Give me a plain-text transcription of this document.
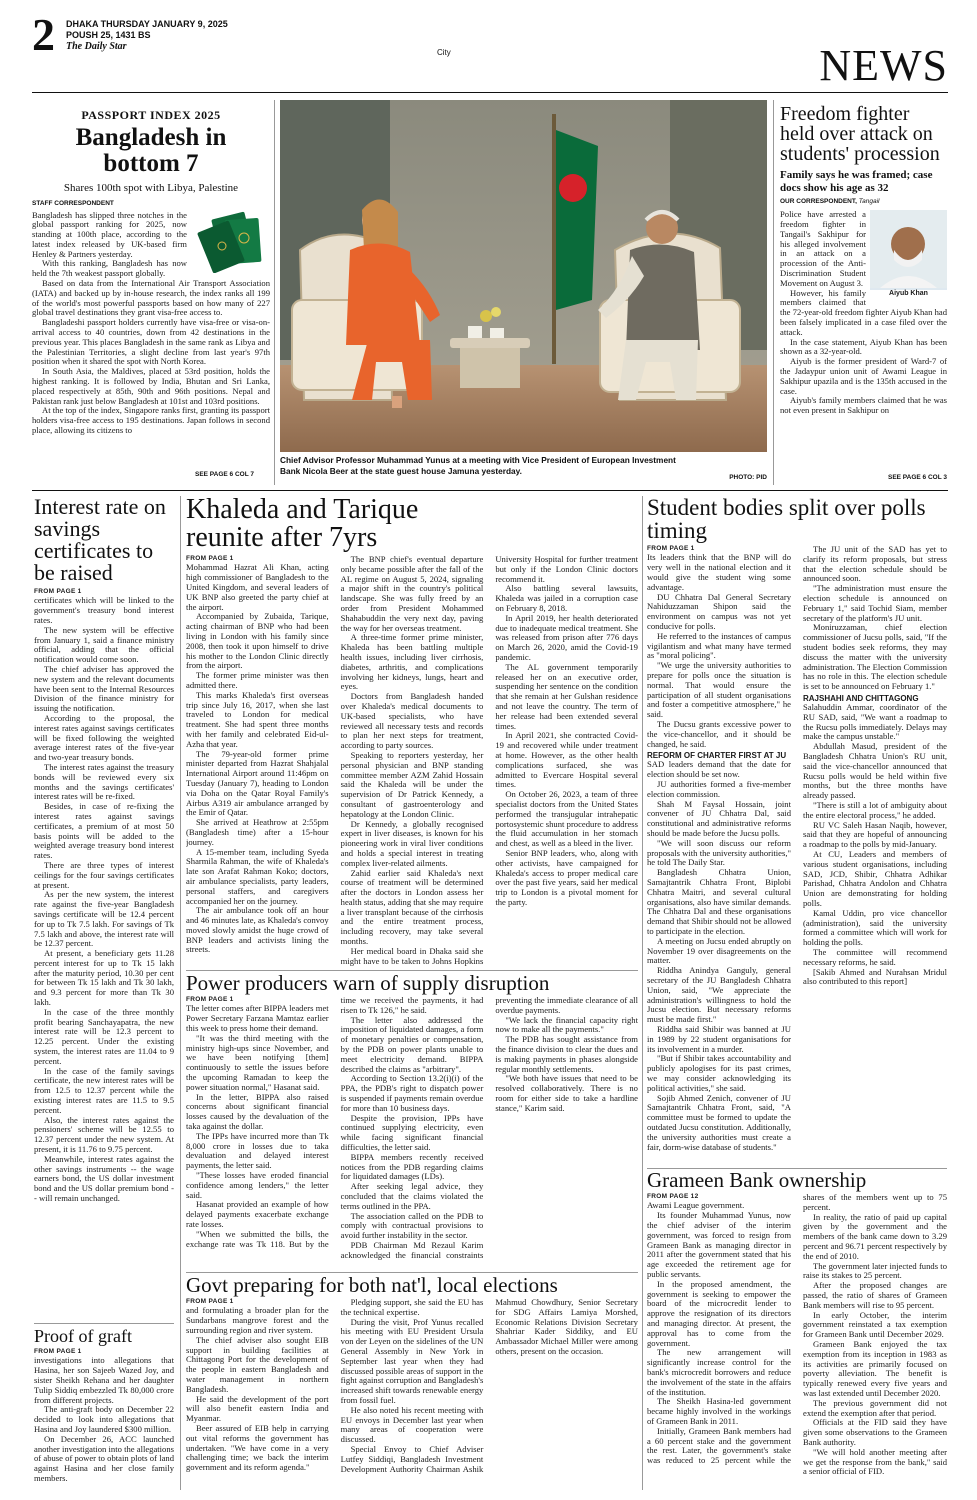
2 DHAKA THURSDAY JANUARY 9, 2025
POUSH 25, 1431 BS
The Daily Star
City	NEWS
PASSPORT INDEX 2025
Bangladesh in bottom 7
Shares 100th spot with Libya, Palestine
STAFF CORRESPONDENT

Bangladesh has slipped three notches in the global passport ranking for 2025, now standing at 100th place, according to the latest index released by UK-based firm Henley & Partners yesterday.

With this ranking, Bangladesh has now held the 7th weakest passport globally.

Based on data from the International Air Transport Association (IATA) and backed up by in-house research, the index ranks all 199 of the world's most powerful passports based on how many of 227 global travel destinations they grant visa-free access to.

Bangladeshi passport holders currently have visa-free or visa-on-arrival access to 40 countries, down from 42 destinations in the previous year. This places Bangladesh in the same rank as Libya and the Palestinian Territories, a slight decline from last year's 97th position when it shared the spot with North Korea.

In South Asia, the Maldives, placed at 53rd position, holds the highest ranking. It is followed by India, Bhutan and Sri Lanka, placed respectively at 85th, 90th and 96th positions. Nepal and Pakistan rank just below Bangladesh at 101st and 103rd positions.

At the top of the index, Singapore ranks first, granting its passport holders visa-free access to 195 destinations. Japan follows in second place, allowing its citizens to

SEE PAGE 6 COL 7
Chief Advisor Professor Muhammad Yunus at a meeting with Vice President of European Investment Bank Nicola Beer at the state guest house Jamuna yesterday.
PHOTO: PID
Freedom fighter held over attack on students' procession
Family says he was framed; case docs show his age as 32
OUR CORRESPONDENT, Tangail
Aiyub Khan

Police have arrested a freedom fighter in Tangail's Sakhipur for his alleged involvement in an attack on a procession of the Anti-Discrimination Student Movement on August 3.

However, his family members claimed that the 72-year-old freedom fighter Aiyub Khan had been falsely implicated in a case filed over the attack.

In the case statement, Aiyub Khan has been shown as a 32-year-old.

Aiyub is the former president of Ward-7 of the Jadaypur union unit of Awami League in Sakhipur upazila and is the 135th accused in the case.

Aiyub's family members claimed that he was not even present in Sakhipur on

SEE PAGE 6 COL 3
Interest rate on savings certificates to be raised
FROM PAGE 1

certificates which will be linked to the government's treasury bond interest rates.

The new system will be effective from January 1, said a finance ministry official, adding that the official notification would come soon.

The chief adviser has approved the new system and the relevant documents have been sent to the Internal Resources Division of the finance ministry for issuing the notification.

According to the proposal, the interest rates against savings certificates will be fixed following the weighted average interest rates of the five-year and two-year treasury bonds.

The interest rates against the treasury bonds will be reviewed every six months and the savings certificates' interest rates will be re-fixed.

Besides, in case of re-fixing the interest rates against savings certificates, a premium of at most 50 basis points will be added to the weighted average treasury bond interest rates.

There are three types of interest ceilings for the four savings certificates at present.

As per the new system, the interest rate against the five-year Bangladesh savings certificate will be 12.4 percent for up to Tk 7.5 lakh. For savings of Tk 7.5 lakh and above, the interest rate will be 12.37 percent.

At present, a beneficiary gets 11.28 percent interest for up to Tk 15 lakh after the maturity period, 10.30 per cent for between Tk 15 lakh and Tk 30 lakh, and 9.3 percent for more than Tk 30 lakh.

In the case of the three monthly profit bearing Sanchayapatra, the new interest rate will be 12.3 percent to 12.25 percent. Under the existing system, the interest rates are 11.04 to 9 percent.

In the case of the family savings certificate, the new interest rates will be from 12.5 to 12.37 percent while the existing interest rates are 11.5 to 9.5 percent.

Also, the interest rates against the pensioners' scheme will be 12.55 to 12.37 percent under the new system. At present, it is 11.76 to 9.75 percent.

Meanwhile, interest rates against the other savings instruments -- the wage earners bond, the US dollar investment bond and the US dollar premium bond -- will remain unchanged.

Proof of graft
FROM PAGE 1

investigations into allegations that Hasina, her son Sajeeb Wazed Joy, and sister Sheikh Rehana and her daughter Tulip Siddiq embezzled Tk 80,000 crore from different projects.

The anti-graft body on December 22 decided to look into allegations that Hasina and Joy laundered $300 million.

On December 26, ACC launched another investigation into the allegations of abuse of power to obtain plots of land against Hasina and her close family members.

Khaleda and Tarique reunite after 7yrs
FROM PAGE 1

Mohammad Hazrat Ali Khan, acting high commissioner of Bangladesh to the United Kingdom, and several leaders of UK BNP also greeted the party chief at the airport.

Accompanied by Zubaida, Tarique, acting chairman of BNP who had been living in London with his family since 2008, then took it upon himself to drive his mother to the London Clinic directly from the airport.

The former prime minister was then admitted there.

This marks Khaleda's first overseas trip since July 16, 2017, when she last traveled to London for medical treatment. She had spent three months with her family and celebrated Eid-ul-Azha that year.

The 79-year-old former prime minister departed from Hazrat Shahjalal International Airport around 11:46pm on Tuesday (January 7), heading to London via Doha on the Qatar Royal Family's Airbus A319 air ambulance arranged by the Emir of Qatar.

She arrived at Heathrow at 2:55pm (Bangladesh time) after a 15-hour journey.

A 15-member team, including Syeda Sharmila Rahman, the wife of Khaleda's late son Arafat Rahman Koko; doctors, air ambulance specialists, party leaders, personal staffers, and caregivers accompanied her on the journey.

The air ambulance took off an hour and 46 minutes late, as Khaleda's convoy moved slowly amidst the huge crowd of BNP leaders and activists lining the streets.

The BNP chief's eventual departure only became possible after the fall of the AL regime on August 5, 2024, signaling a major shift in the country's political landscape. She was fully freed by an order from President Mohammed Shahabuddin the very next day, paving the way for her overseas treatment.

A three-time former prime minister, Khaleda has been battling multiple health issues, including liver cirrhosis, diabetes, arthritis, and complications involving her kidneys, lungs, heart and eyes.

Doctors from Bangladesh handed over Khaleda's medical documents to UK-based specialists, who have reviewed all necessary tests and records to plan her next steps for treatment, according to party sources.

Speaking to reporters yesterday, her personal physician and BNP standing committee member AZM Zahid Hossain said the Khaleda will be under the supervision of Dr Patrick Kennedy, a consultant of gastroenterology and hepatology at the London Clinic.

Dr Kennedy, a globally recognised expert in liver diseases, is known for his pioneering work in viral liver conditions and holds a special interest in treating complex liver-related ailments.

Zahid earlier said Khaleda's next course of treatment will be determined after the doctors in London assess her health status, adding that she may require a liver transplant because of the cirrhosis and the entire treatment process, including recovery, may take several months.

Her medical board in Dhaka said she might have to be taken to Johns Hopkins University Hospital for further treatment but only if the London Clinic doctors recommend it.

Also battling several lawsuits, Khaleda was jailed in a corruption case on February 8, 2018.

In April 2019, her health deteriorated due to inadequate medical treatment. She was released from prison after 776 days on March 26, 2020, amid the Covid-19 pandemic.

The AL government temporarily released her on an executive order, suspending her sentence on the condition that she remain at her Gulshan residence and not leave the country. The term of her release had been extended several times.

In April 2021, she contracted Covid-19 and recovered while under treatment at home. However, as the other health complications surfaced, she was admitted to Evercare Hospital several times.

On October 26, 2023, a team of three specialist doctors from the United States performed the transjugular intrahepatic portosystemic shunt procedure to address the fluid accumulation in her stomach and chest, as well as a bleed in the liver.

Senior BNP leaders, who, along with other activists, have campaigned for Khaleda's access to proper medical care over the past five years, said her medical trip to London is a pivotal moment for the party.

Power producers warn of supply disruption
FROM PAGE 1

The letter comes after BIPPA leaders met Power Secretary Farzana Mamtaz earlier this week to press home their demand.

"It was the third meeting with the ministry high-ups since November, and we have been notifying [them] continuously to settle the issues before the upcoming Ramadan to keep the power situation normal," Hasanat said.

In the letter, BIPPA also raised concerns about significant financial losses caused by the devaluation of the taka against the dollar.

The IPPs have incurred more than Tk 8,000 crore in losses due to taka devaluation and delayed interest payments, the letter said.

"These losses have eroded financial confidence among lenders," the letter said.

Hasanat provided an example of how delayed payments exacerbate exchange rate losses.

"When we submitted the bills, the exchange rate was Tk 118. But by the time we received the payments, it had risen to Tk 126," he said.

The letter also addressed the imposition of liquidated damages, a form of monetary penalties or compensation, by the PDB on power plants unable to meet electricity demand. BIPPA described the claims as "arbitrary".

According to Section 13.2(i)(i) of the PPA, the PDB's right to dispatch power is suspended if payments remain overdue for more than 10 business days.

Despite the provision, IPPs have continued supplying electricity, even while facing significant financial difficulties, the letter said.

BIPPA members recently received notices from the PDB regarding claims for liquidated damages (LDs).

After seeking legal advice, they concluded that the claims violated the terms outlined in the PPA.

The association called on the PDB to comply with contractual provisions to avoid further instability in the sector.

PDB Chairman Md Rezaul Karim acknowledged the financial constraints preventing the immediate clearance of all overdue payments.

"We lack the financial capacity right now to make all the payments."

The PDB has sought assistance from the finance division to clear the dues and is making payments in phases alongside regular monthly settlements.

"We both have issues that need to be resolved collaboratively. There is no room for either side to take a hardline stance," Karim said.

Govt preparing for both nat'l, local elections
FROM PAGE 1

and formulating a broader plan for the Sundarbans mangrove forest and the surrounding region and river system.

The chief adviser also sought EIB support in building facilities at Chittagong Port for the development of the people in eastern Bangladesh and water management in northern Bangladesh.

He said the development of the port will also benefit eastern India and Myanmar.

Beer assured of EIB help in carrying out vital reforms the government has undertaken. "We have come in a very challenging time; we back the interim government and its reform agenda."

Pledging support, she said the EU has the technical expertise.

During the visit, Prof Yunus recalled his meeting with EU President Ursula von der Leyen on the sidelines of the UN General Assembly in New York in September last year when they had discussed possible areas of support in the fight against corruption and Bangladesh's increased shift towards renewable energy from fossil fuel.

He also noted his recent meeting with EU envoys in December last year when many areas of cooperation were discussed.

Special Envoy to Chief Adviser Lutfey Siddiqi, Bangladesh Investment Development Authority Chairman Ashik Mahmud Chowdhury, Senior Secretary for SDG Affairs Lamiya Morshed, Economic Relations Division Secretary Shahriar Kader Siddiky, and EU Ambassador Michael Miller were among others, present on the occasion.

Student bodies split over polls timing
FROM PAGE 1

Its leaders think that the BNP will do very well in the national election and it would give the student wing some advantage.

DU Chhatra Dal General Secretary Nahiduzzaman Shipon said the environment on campus was not yet conducive for polls.

He referred to the instances of campus vigilantism and what many have termed as "moral policing".

"We urge the university authorities to prepare for polls once the situation is normal. That would ensure the participation of all student organisations and foster a competitive atmosphere," he said.

The Ducsu grants excessive power to the vice-chancellor, and it should be changed, he said.

REFORM OF CHARTER FIRST AT JU

SAD leaders demand that the date for election should be set now.

JU authorities formed a five-member election commission.

Shah M Faysal Hossain, joint convener of JU Chhatra Dal, said constitutional and administrative reforms should be made before the Jucsu polls.

"We will soon discuss our reform proposals with the university authorities," he told The Daily Star.

Bangladesh Chhatra Union, Samajtantrik Chhatra Front, Biplobi Chhatra Maitri, and several cultural organisations, also have similar demands. The Chhatra Dal and these organisations demand that Shibir should not be allowed to participate in the election.

A meeting on Jucsu ended abruptly on November 19 over disagreements on the matter.

Riddha Anindya Ganguly, general secretary of the JU Bangladesh Chhatra Union, said, "We appreciate the administration's willingness to hold the Jucsu election. But necessary reforms must be made first."

Riddha said Shibir was banned at JU in 1989 by 22 student organisations for its involvement in a murder.

"But if Shibir takes accountability and publicly apologises for its past crimes, we may consider acknowledging its political activities," she said.

Sojib Ahmed Zenich, convener of JU Samajtantrik Chhatra Front, said, "A committee must be formed to update the outdated Jucsu constitution. Additionally, the university authorities must create a fair, dorm-wise database of students."

The JU unit of the SAD has yet to clarify its reform proposals, but stress that the election schedule should be announced soon.

"The administration must ensure the election schedule is announced on February 1," said Tochid Siam, member secretary of the platform's JU unit.

Moniruzzaman, chief election commissioner of Jucsu polls, said, "If the student bodies seek reforms, they may discuss the matter with the university administration. The Election Commission has no role in this. The election schedule is set to be announced on February 1."

RAJSHAHI AND CHITTAGONG

Salahuddin Ammar, coordinator of the RU SAD, said, "We want a roadmap to the Rucsu polls immediately. Delays may make the campus unstable."

Abdullah Masud, president of the Bangladesh Chhatra Union's RU unit, said the vice-chancellor announced that Rucsu polls would be held within five months, but the three months have already passed.

"There is still a lot of ambiguity about the entire electoral process," he added.

RU VC Saleh Hasan Naqib, however, said that they are hopeful of announcing a roadmap to the polls by mid-January.

At CU, Leaders and members of various student organisations, including SAD, JCD, Shibir, Chhatra Adhikar Parishad, Chhatra Andolon and Chhatra Union are demonstrating for holding polls.

Kamal Uddin, pro vice chancellor (administration), said the university formed a committee which will work for holding the polls.

The committee will recommend necessary reforms, he said.

[Sakib Ahmed and Nurahsan Mridul also contributed to this report]

Grameen Bank ownership
FROM PAGE 12

Awami League government.

Its founder Muhammad Yunus, now the chief adviser of the interim government, was forced to resign from Grameen Bank as managing director in 2011 after the government stated that his age exceeded the retirement age for public servants.

In the proposed amendment, the government is seeking to empower the board of the microcredit lender to approve the resignation of its directors and managing director. At present, the approval has to come from the government.

The new arrangement will significantly increase control for the bank's microcredit borrowers and reduce the involvement of the state in the affairs of the institution.

The Sheikh Hasina-led government became highly involved in the workings of Grameen Bank in 2011.

Initially, Grameen Bank members had a 60 percent stake and the government the rest. Later, the government's stake was reduced to 25 percent while the shares of the members went up to 75 percent.

In reality, the ratio of paid up capital given by the government and the members of the bank came down to 3.29 percent and 96.71 percent respectively by the end of 2010.

The government later injected funds to raise its stakes to 25 percent.

After the proposed changes are passed, the ratio of shares of Grameen Bank members will rise to 95 percent.

In early October, the interim government reinstated a tax exemption for Grameen Bank until December 2029.

Grameen Bank enjoyed the tax exemption from its inception in 1983 as its activities are primarily focused on poverty alleviation. The benefit is typically renewed every five years and was last extended until December 2020.

The previous government did not extend the exemption after that period.

Officials at the FID said they have given some observations to the Grameen Bank authority.

"We will hold another meeting after we get the response from the bank," said a senior official of FID.
